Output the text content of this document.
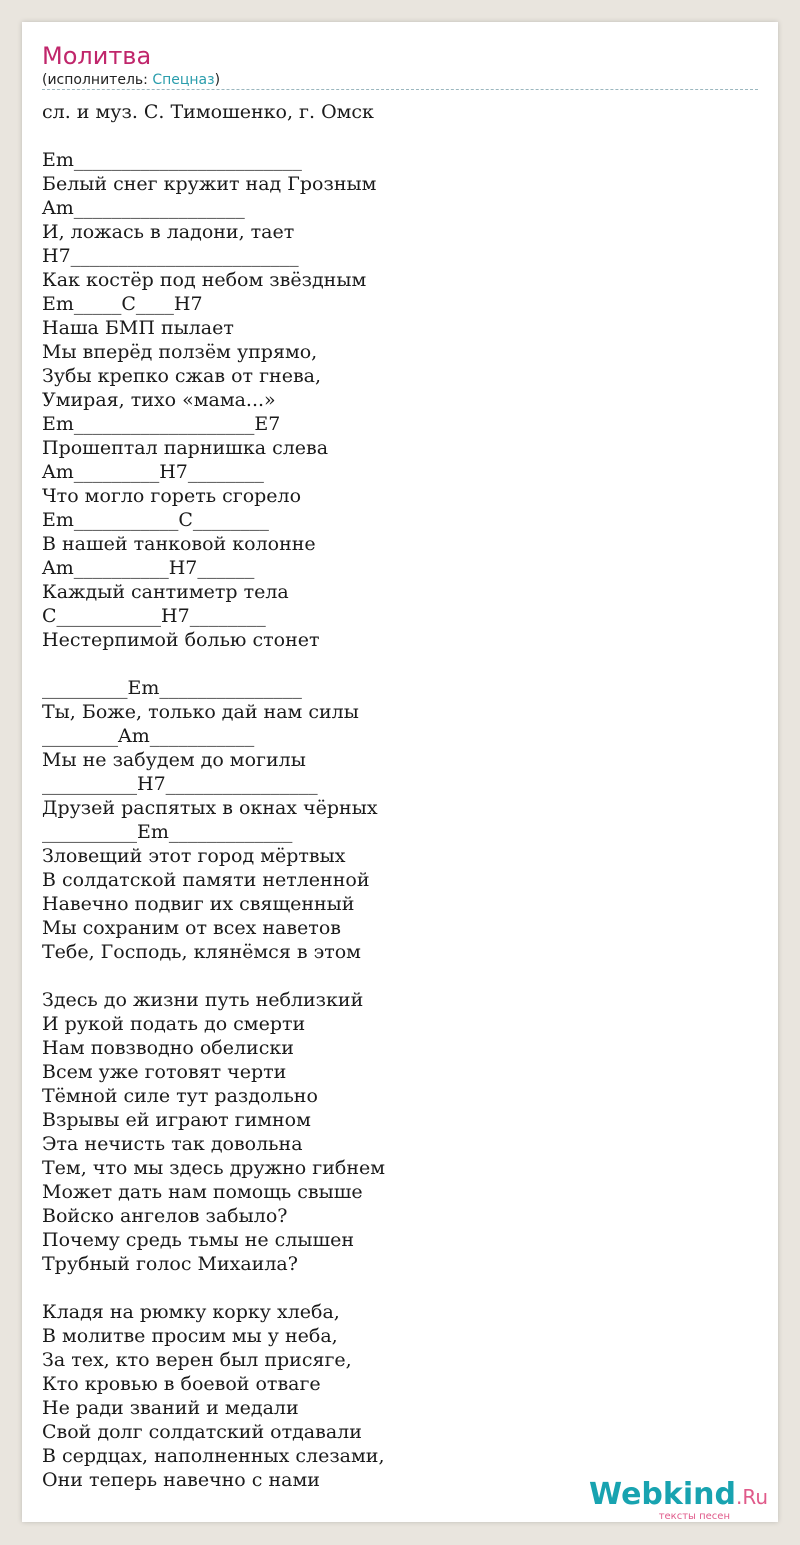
Молитва
(исполнитель: Спецназ)
сл. и муз. С. Тимошенко, г. Омск
Em________________________
Белый снег кружит над Грозным
Am__________________
И, ложась в ладони, тает
H7________________________
Как костёр под небом звёздным
Em_____C____H7
Наша БМП пылает
Мы вперёд ползём упрямо,
Зубы крепко сжав от гнева,
Умирая, тихо «мама...»
Em___________________E7
Прошептал парнишка слева
Am_________H7________
Что могло гореть сгорело
Em___________C________
В нашей танковой колонне
Am__________H7______
Каждый сантиметр тела
C___________H7________
Нестерпимой болью стонет
_________Em_______________
Ты, Боже, только дай нам силы
________Am___________
Мы не забудем до могилы
__________H7________________
Друзей распятых в окнах чёрных
__________Em_____________
Зловещий этот город мёртвых
В солдатской памяти нетленной
Навечно подвиг их священный
Мы сохраним от всех наветов
Тебе, Господь, клянёмся в этом
Здесь до жизни путь неблизкий
И рукой подать до смерти
Нам повзводно обелиски
Всем уже готовят черти
Тёмной силе тут раздольно
Взрывы ей играют гимном
Эта нечисть так довольна
Тем, что мы здесь дружно гибнем
Может дать нам помощь свыше
Войско ангелов забыло?
Почему средь тьмы не слышен
Трубный голос Михаила?
Кладя на рюмку корку хлеба,
В молитве просим мы у неба,
За тех, кто верен был присяге,
Кто кровью в боевой отваге
Не ради званий и медали
Свой долг солдатский отдавали
В сердцах, наполненных слезами,
Они теперь навечно с нами	Webkind.Ru
тексты песен
